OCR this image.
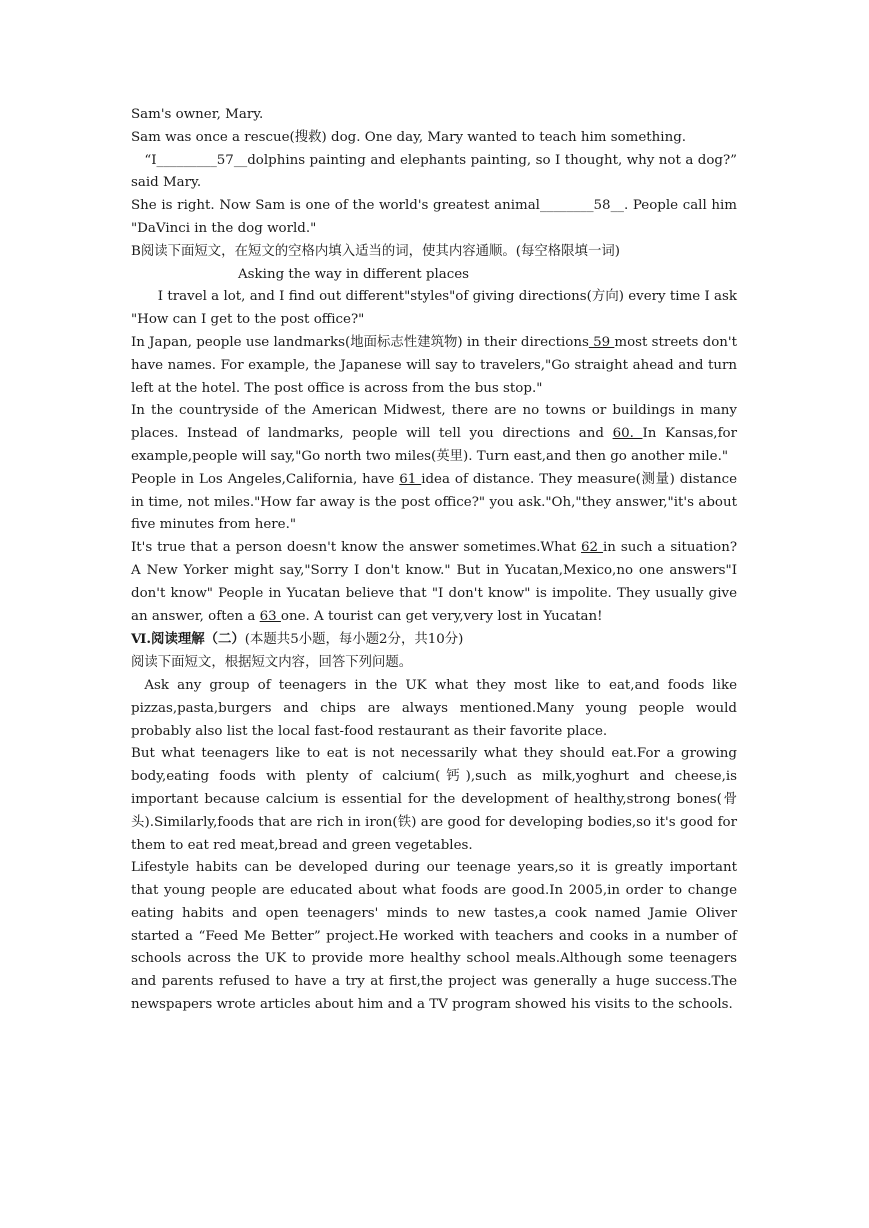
Sam's owner, Mary.

Sam was once a rescue(搜救) dog. One day, Mary wanted to teach him something.

“I_________57__dolphins painting and elephants painting, so I thought, why not a dog?” said Mary.

She is right. Now Sam is one of the world's greatest animal________58__. People call him "DaVinci in the dog world."

B阅读下面短文，在短文的空格内填入适当的词，使其内容通顺。(每空格限填一词)

Asking the way in different places

I travel a lot, and I find out different"styles"of giving directions(方向) every time I ask "How can I get to the post office?"

In Japan, people use landmarks(地面标志性建筑物) in their directions 59 most streets don't have names. For example, the Japanese will say to travelers,"Go straight ahead and turn left at the hotel. The post office is across from the bus stop."

In the countryside of the American Midwest, there are no towns or buildings in many places. Instead of landmarks, people will tell you directions and 60. In Kansas,for example,people will say,"Go north two miles(英里). Turn east,and then go another mile."

People in Los Angeles,California, have 61 idea of distance. They measure(测量) distance in time, not miles."How far away is the post office?" you ask."Oh,"they answer,"it's about five minutes from here."

It's true that a person doesn't know the answer sometimes.What 62 in such a situation? A New Yorker might say,"Sorry I don't know." But in Yucatan,Mexico,no one answers"I don't know" People in Yucatan believe that "I don't know" is impolite. They usually give an answer, often a 63 one. A tourist can get very,very lost in Yucatan!

Ⅵ.阅读理解（二）(本题共5小题，每小题2分，共10分)

阅读下面短文，根据短文内容，回答下列问题。

Ask any group of teenagers in the UK what they most like to eat,and foods like pizzas,pasta,burgers and chips are always mentioned.Many young people would probably also list the local fast-food restaurant as their favorite place.

But what teenagers like to eat is not necessarily what they should eat.For a growing body,eating foods with plenty of calcium(钙),such as milk,yoghurt and cheese,is important because calcium is essential for the development of healthy,strong bones(骨头).Similarly,foods that are rich in iron(铁) are good for developing bodies,so it's good for them to eat red meat,bread and green vegetables.

Lifestyle habits can be developed during our teenage years,so it is greatly important that young people are educated about what foods are good.In 2005,in order to change eating habits and open teenagers' minds to new tastes,a cook named Jamie Oliver started a “Feed Me Better” project.He worked with teachers and cooks in a number of schools across the UK to provide more healthy school meals.Although some teenagers and parents refused to have a try at first,the project was generally a huge success.The newspapers wrote articles about him and a TV program showed his visits to the schools.
